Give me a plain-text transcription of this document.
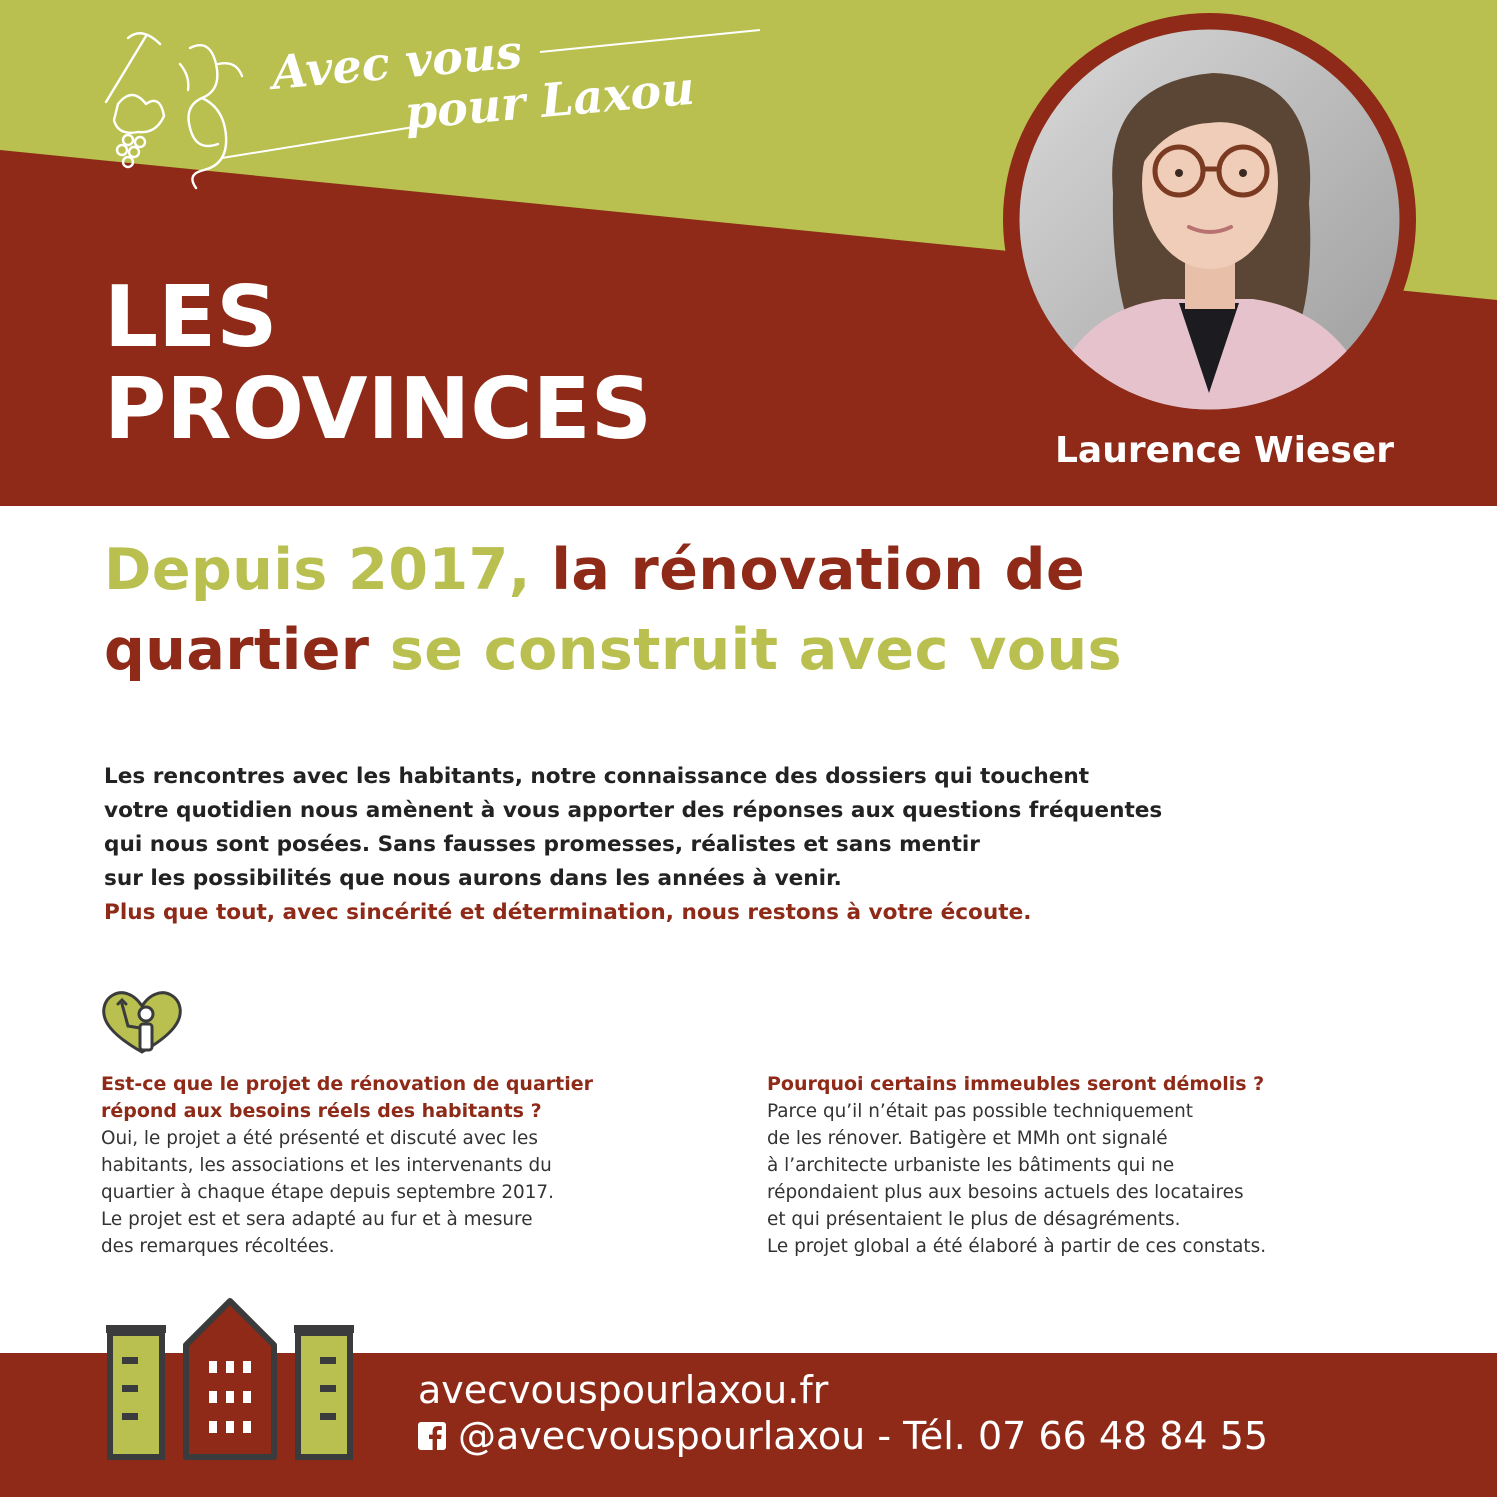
Avec vous
pour Laxou
LES
PROVINCES	Laurence Wieser
Depuis 2017, la rénovation de
quartier se construit avec vous

Les rencontres avec les habitants, notre connaissance des dossiers qui touchent

votre quotidien nous amènent à vous apporter des réponses aux questions fréquentes

qui nous sont posées. Sans fausses promesses, réalistes et sans mentir

sur les possibilités que nous aurons dans les années à venir.

Plus que tout, avec sincérité et détermination, nous restons à votre écoute.

Est-ce que le projet de rénovation de quartier

répond aux besoins réels des habitants ?

Oui, le projet a été présenté et discuté avec les

habitants, les associations et les intervenants du

quartier à chaque étape depuis septembre 2017.

Le projet est et sera adapté au fur et à mesure

des remarques récoltées.

Pourquoi certains immeubles seront démolis ?

Parce qu’il n’était pas possible techniquement

de les rénover. Batigère et MMh ont signalé

à l’architecte urbaniste les bâtiments qui ne

répondaient plus aux besoins actuels des locataires

et qui présentaient le plus de désagréments.

Le projet global a été élaboré à partir de ces constats.

avecvouspourlaxou.fr
@avecvouspourlaxou - Tél. 07 66 48 84 55
